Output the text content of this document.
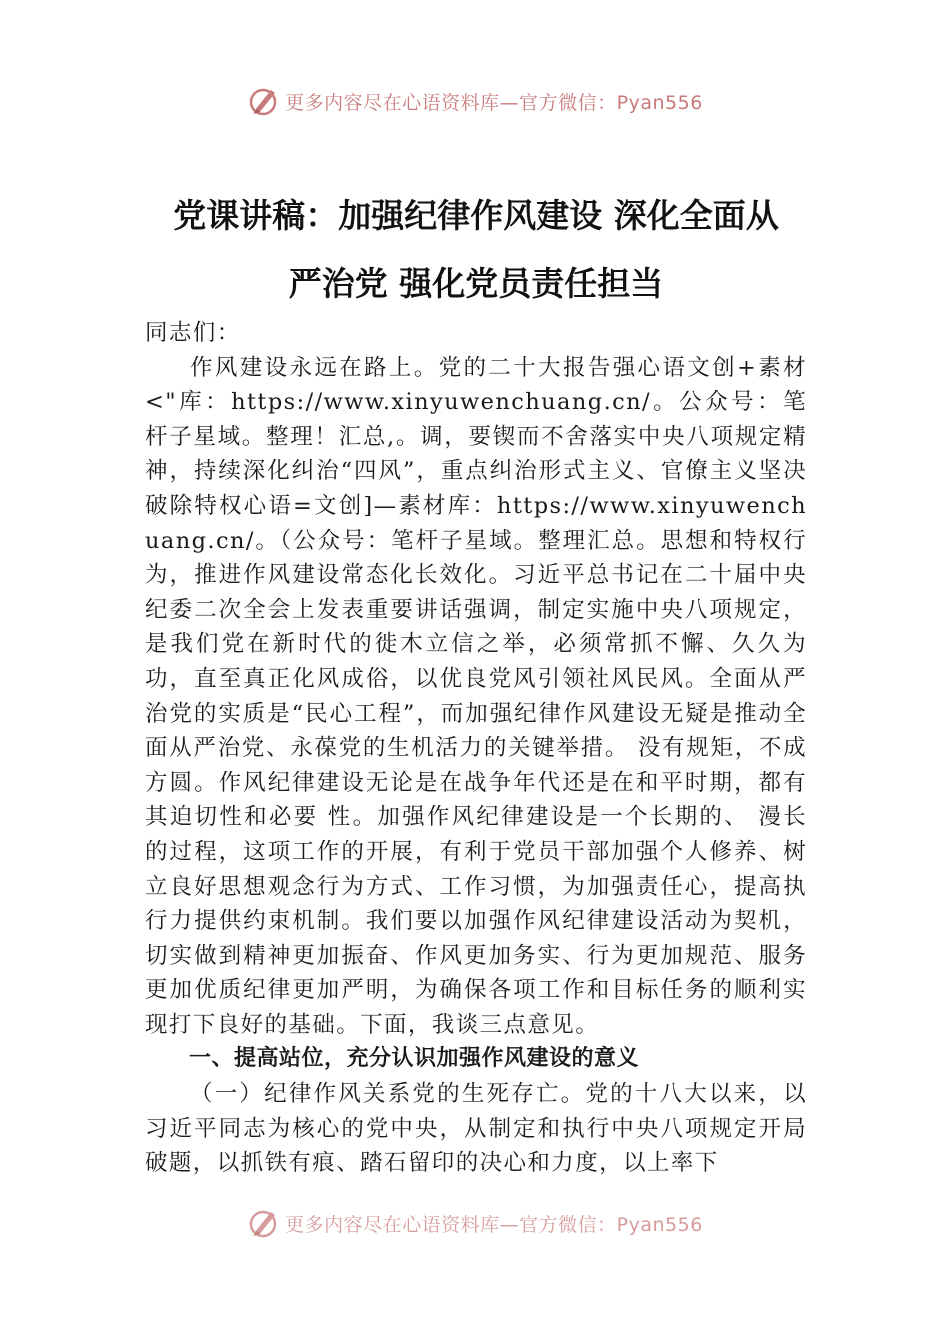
更多内容尽在心语资料库—官方微信：Pyan556
党课讲稿：加强纪律作风建设 深化全面从
严治党 强化党员责任担当

同志们：

作风建设永远在路上。党的二十大报告强心语文创+素材<"库：https://www.xinyuwenchuang.cn/。公众号：笔杆子星域。整理！汇总,。调，要锲而不舍落实中央八项规定精神，持续深化纠治“四风”，重点纠治形式主义、官僚主义坚决破除特权心语=文创]—素材库：https://www.xinyuwenchuang.cn/。（公众号：笔杆子星域。整理汇总。思想和特权行为，推进作风建设常态化长效化。习近平总书记在二十届中央纪委二次全会上发表重要讲话强调，制定实施中央八项规定，是我们党在新时代的徙木立信之举，必须常抓不懈、久久为功，直至真正化风成俗，以优良党风引领社风民风。全面从严治党的实质是“民心工程”，而加强纪律作风建设无疑是推动全面从严治党、永葆党的生机活力的关键举措。 没有规矩，不成方圆。作风纪律建设无论是在战争年代还是在和平时期，都有其迫切性和必要 性。加强作风纪律建设是一个长期的、 漫长的过程，这项工作的开展，有利于党员干部加强个人修养、树立良好思想观念行为方式、工作习惯，为加强责任心，提高执行力提供约束机制。我们要以加强作风纪律建设活动为契机，切实做到精神更加振奋、作风更加务实、行为更加规范、服务更加优质纪律更加严明，为确保各项工作和目标任务的顺利实现打下良好的基础。下面，我谈三点意见。

一、提高站位，充分认识加强作风建设的意义

（一）纪律作风关系党的生死存亡。党的十八大以来，以习近平同志为核心的党中央，从制定和执行中央八项规定开局破题，以抓铁有痕、踏石留印的决心和力度，以上率下

更多内容尽在心语资料库—官方微信：Pyan556
